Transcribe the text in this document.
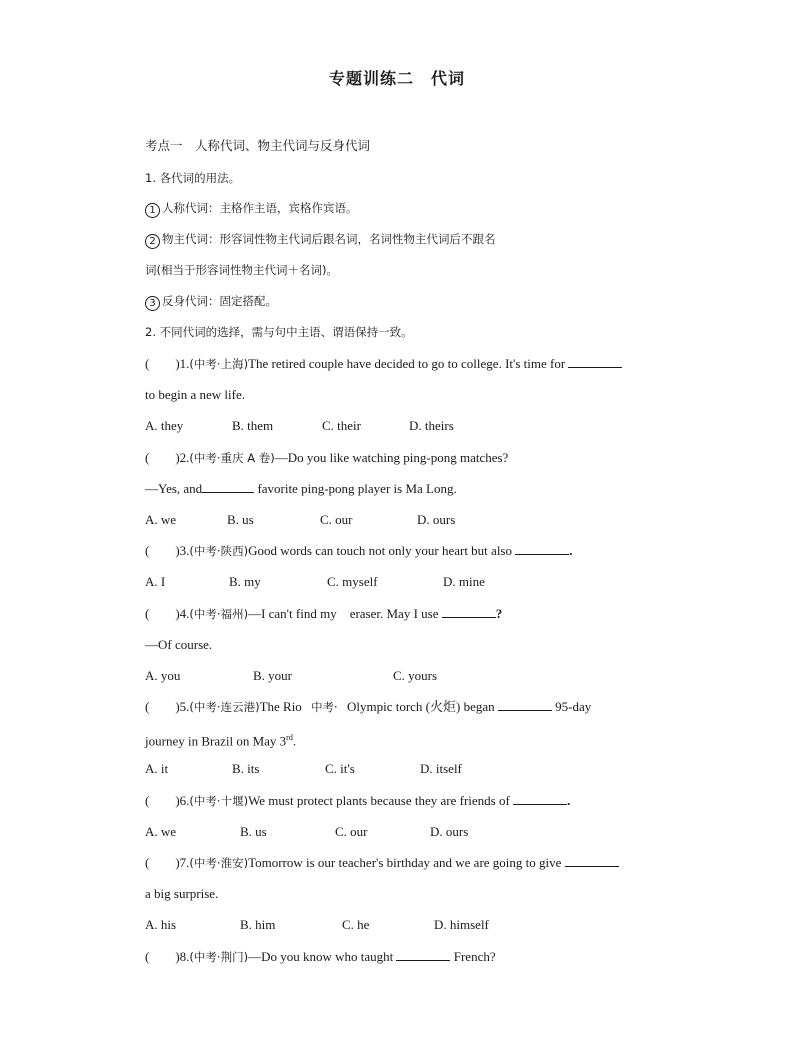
专题训练二　代词
考点一　人称代词、物主代词与反身代词
1. 各代词的用法。
1 人称代词：主格作主语，宾格作宾语。
2 物主代词：形容词性物主代词后跟名词，名词性物主代词后不跟名
词(相当于形容词性物主代词＋名词)。
3 反身代词：固定搭配。
2. 不同代词的选择，需与句中主语、谓语保持一致。
(　　)1.(中考·上海)The retired couple have decided to go to college. It's time for
to begin a new life.
A. they	B. them	C. their	D. theirs
(　　)2.(中考·重庆 A 卷)—Do you like watching ping-pong matches?
—Yes, and	favorite ping-pong player is Ma Long.
A. we	B. us	C. our	D. ours
(　　)3.(中考·陕西)Good words can touch not only your heart but also	.
A. I	B. my	C. myself	D. mine
(　　)4.(中考·福州)—I can't find my　eraser. May I use	?
—Of course.
A. you	B. your	C. yours
(　　)5.(中考·连云港)The Rio 中考· Olympic torch (火炬) began	95-day
journey in Brazil on May 3rd.
A. it	B. its	C. it's	D. itself
(　　)6.(中考·十堰)We must protect plants because they are friends of	.
A. we	B. us	C. our	D. ours
(　　)7.(中考·淮安)Tomorrow is our teacher's birthday and we are going to give
a big surprise.
A. his	B. him	C. he	D. himself
(　　)8.(中考·荆门)—Do you know who taught	French?
